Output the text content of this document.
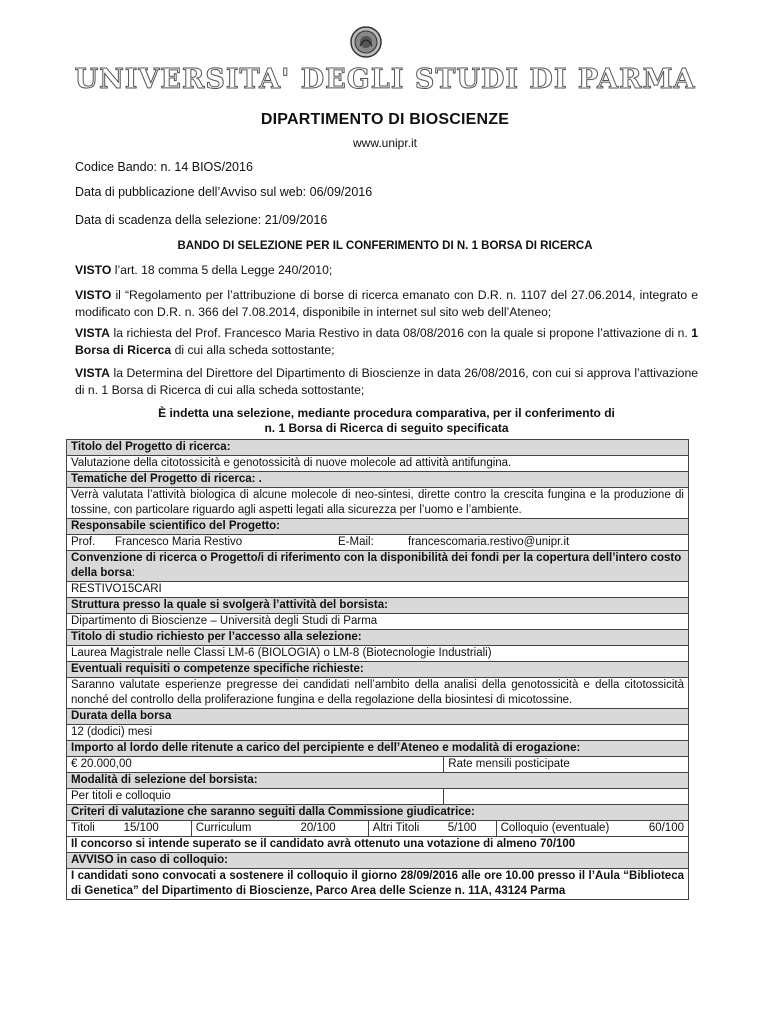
UNIVERSITA' DEGLI STUDI DI PARMA
DIPARTIMENTO DI BIOSCIENZE
www.unipr.it
Codice Bando: n. 14 BIOS/2016
Data di pubblicazione dell’Avviso sul web: 06/09/2016
Data di scadenza della selezione: 21/09/2016
BANDO DI SELEZIONE PER IL CONFERIMENTO DI N. 1 BORSA DI RICERCA
VISTO l’art. 18 comma 5 della Legge 240/2010;
VISTO il “Regolamento per l’attribuzione di borse di ricerca emanato con D.R. n. 1107 del 27.06.2014, integrato e modificato con D.R. n. 366 del 7.08.2014, disponibile in internet sul sito web dell’Ateneo;
VISTA la richiesta del Prof. Francesco Maria Restivo in data 08/08/2016 con la quale si propone l’attivazione di n. 1 Borsa di Ricerca di cui alla scheda sottostante;
VISTA la Determina del Direttore del Dipartimento di Bioscienze in data 26/08/2016, con cui si approva l’attivazione di n. 1 Borsa di Ricerca di cui alla scheda sottostante;
È indetta una selezione, mediante procedura comparativa, per il conferimento di
n. 1 Borsa di Ricerca di seguito specificata
Titolo del Progetto di ricerca:							
Valutazione della citotossicità e genotossicità di nuove molecole ad attività antifungina.							
Tematiche del Progetto di ricerca: .							
Verrà valutata l’attività biologica di alcune molecole di neo-sintesi, dirette contro la crescita fungina e la produzione di tossine, con particolare riguardo agli aspetti legati alla sicurezza per l’uomo e l’ambiente.							
Responsabile scientifico del Progetto:							
Prof. Francesco Maria Restivo E-Mail: francescomaria.restivo@unipr.it							
Convenzione di ricerca o Progetto/i di riferimento con la disponibilità dei fondi per la copertura dell’intero costo della borsa:							
RESTIVO15CARI							
Struttura presso la quale si svolgerà l’attività del borsista:							
Dipartimento di Bioscienze – Università degli Studi di Parma							
Titolo di studio richiesto per l’accesso alla selezione:							
Laurea Magistrale nelle Classi LM-6 (BIOLOGIA) o LM-8 (Biotecnologie Industriali)							
Eventuali requisiti o competenze specifiche richieste:							
Saranno valutate esperienze pregresse dei candidati nell’ambito della analisi della genotossicità e della citotossicità nonché del controllo della proliferazione fungina e della regolazione della biosintesi di micotossine.							
Durata della borsa							
12 (dodici) mesi							
Importo al lordo delle ritenute a carico del percipiente e dell’Ateneo e modalità di erogazione:							
€ 20.000,00					Rate mensili posticipate		
Modalità di selezione del borsista:							
Per titoli e colloquio							
Criteri di valutazione che saranno seguiti dalla Commissione giudicatrice:							
Titoli	15/100	Curriculum	20/100	Altri Titoli	5/100	Colloquio (eventuale)	60/100
Il concorso si intende superato se il candidato avrà ottenuto una votazione di almeno 70/100							
AVVISO in caso di colloquio:							
I candidati sono convocati a sostenere il colloquio il giorno 28/09/2016 alle ore 10.00 presso il l’Aula “Biblioteca di Genetica” del Dipartimento di Bioscienze, Parco Area delle Scienze n. 11A, 43124 Parma							
